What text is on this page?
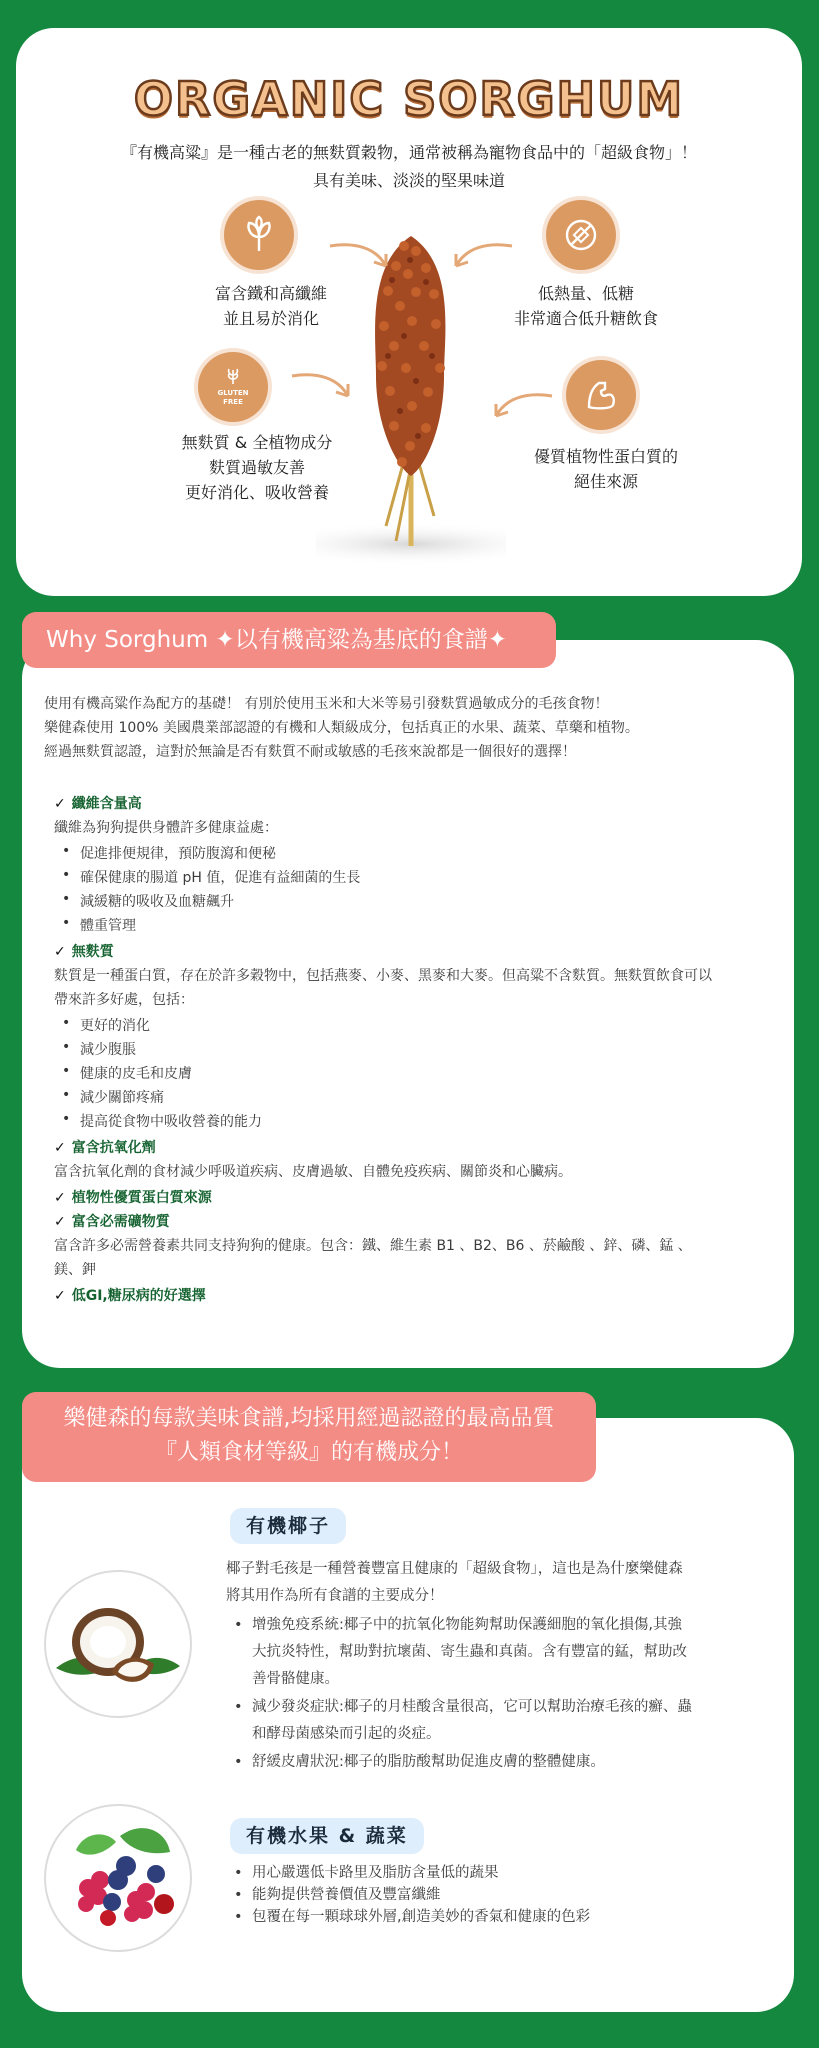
ORGANIC SORGHUM
『有機高粱』是一種古老的無麩質穀物，通常被稱為寵物食品中的「超級食物」！
具有美味、淡淡的堅果味道
富含鐵和高纖維
並且易於消化
低熱量、低糖
非常適合低升糖飲食
GLUTEN FREE
無麩質 & 全植物成分
麩質過敏友善
更好消化、吸收營養
優質植物性蛋白質的
絕佳來源
Why Sorghum ✦以有機高粱為基底的食譜✦
使用有機高粱作為配方的基礎！ 有別於使用玉米和大米等易引發麩質過敏成分的毛孩食物！
樂健森使用 100% 美國農業部認證的有機和人類級成分，包括真正的水果、蔬菜、草藥和植物。
經過無麩質認證，這對於無論是否有麩質不耐或敏感的毛孩來說都是一個很好的選擇！
✓ 纖維含量高
纖維為狗狗提供身體許多健康益處：
• 促進排便規律，預防腹瀉和便秘
• 確保健康的腸道 pH 值，促進有益細菌的生長
• 減緩糖的吸收及血糖飆升
• 體重管理
✓ 無麩質
麩質是一種蛋白質，存在於許多穀物中，包括燕麥、小麥、黑麥和大麥。但高粱不含麩質。無麩質飲食可以
帶來許多好處，包括：
• 更好的消化
• 減少腹脹
• 健康的皮毛和皮膚
• 減少關節疼痛
• 提高從食物中吸收營養的能力
✓ 富含抗氧化劑
富含抗氧化劑的食材減少呼吸道疾病、皮膚過敏、自體免疫疾病、關節炎和心臟病。
✓ 植物性優質蛋白質來源
✓ 富含必需礦物質
富含許多必需營養素共同支持狗狗的健康。包含：鐵、維生素 B1 、B2、B6 、菸鹼酸 、鋅、磷、錳 、
鎂、鉀
✓ 低GI,糖尿病的好選擇
樂健森的每款美味食譜,均採用經過認證的最高品質
『人類食材等級』的有機成分！
有機椰子
椰子對毛孩是一種營養豐富且健康的「超級食物」，這也是為什麼樂健森
將其用作為所有食譜的主要成分！
• 增強免疫系統:椰子中的抗氧化物能夠幫助保護細胞的氧化損傷,其強
大抗炎特性，幫助對抗壞菌、寄生蟲和真菌。含有豐富的錳，幫助改
善骨骼健康。
• 減少發炎症狀:椰子的月桂酸含量很高，它可以幫助治療毛孩的癬、蟲
和酵母菌感染而引起的炎症。
• 舒緩皮膚狀況:椰子的脂肪酸幫助促進皮膚的整體健康。
有機水果 & 蔬菜
• 用心嚴選低卡路里及脂肪含量低的蔬果
• 能夠提供營養價值及豐富纖維
• 包覆在每一顆球球外層,創造美妙的香氣和健康的色彩
